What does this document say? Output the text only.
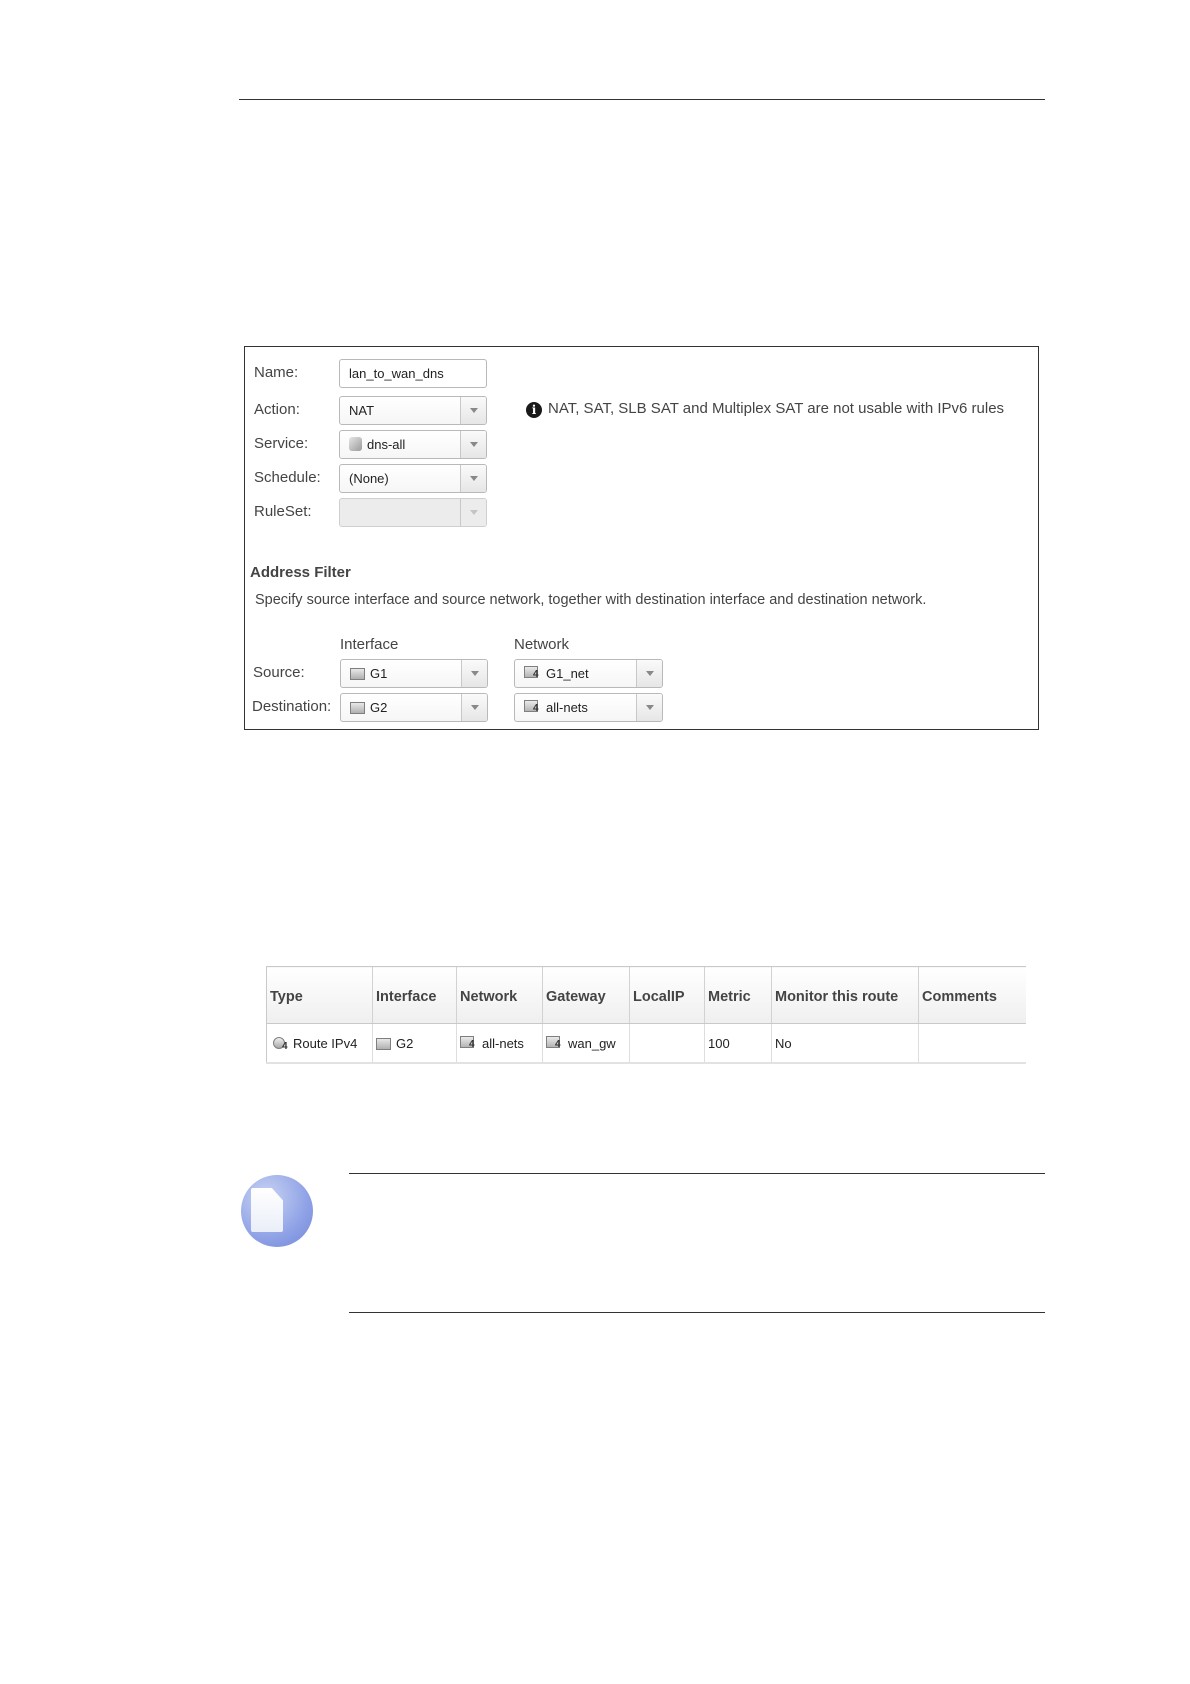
Name:	lan_to_wan_dns
Action:	NAT
Service:	dns-all
Schedule:	(None)
RuleSet:
Interface	Network
Source:	G1	4 G1_net
Destination:	G2	4 all-nets
i NAT, SAT, SLB SAT and Multiplex SAT are not usable with IPv6 rules
Address Filter
Specify source interface and source network, together with destination interface and destination network.
Type	Interface	Network	Gateway	LocalIP	Metric	Monitor this route	Comments

4 Route IPv4	G2	4 all-nets	4 wan_gw		100	No	
